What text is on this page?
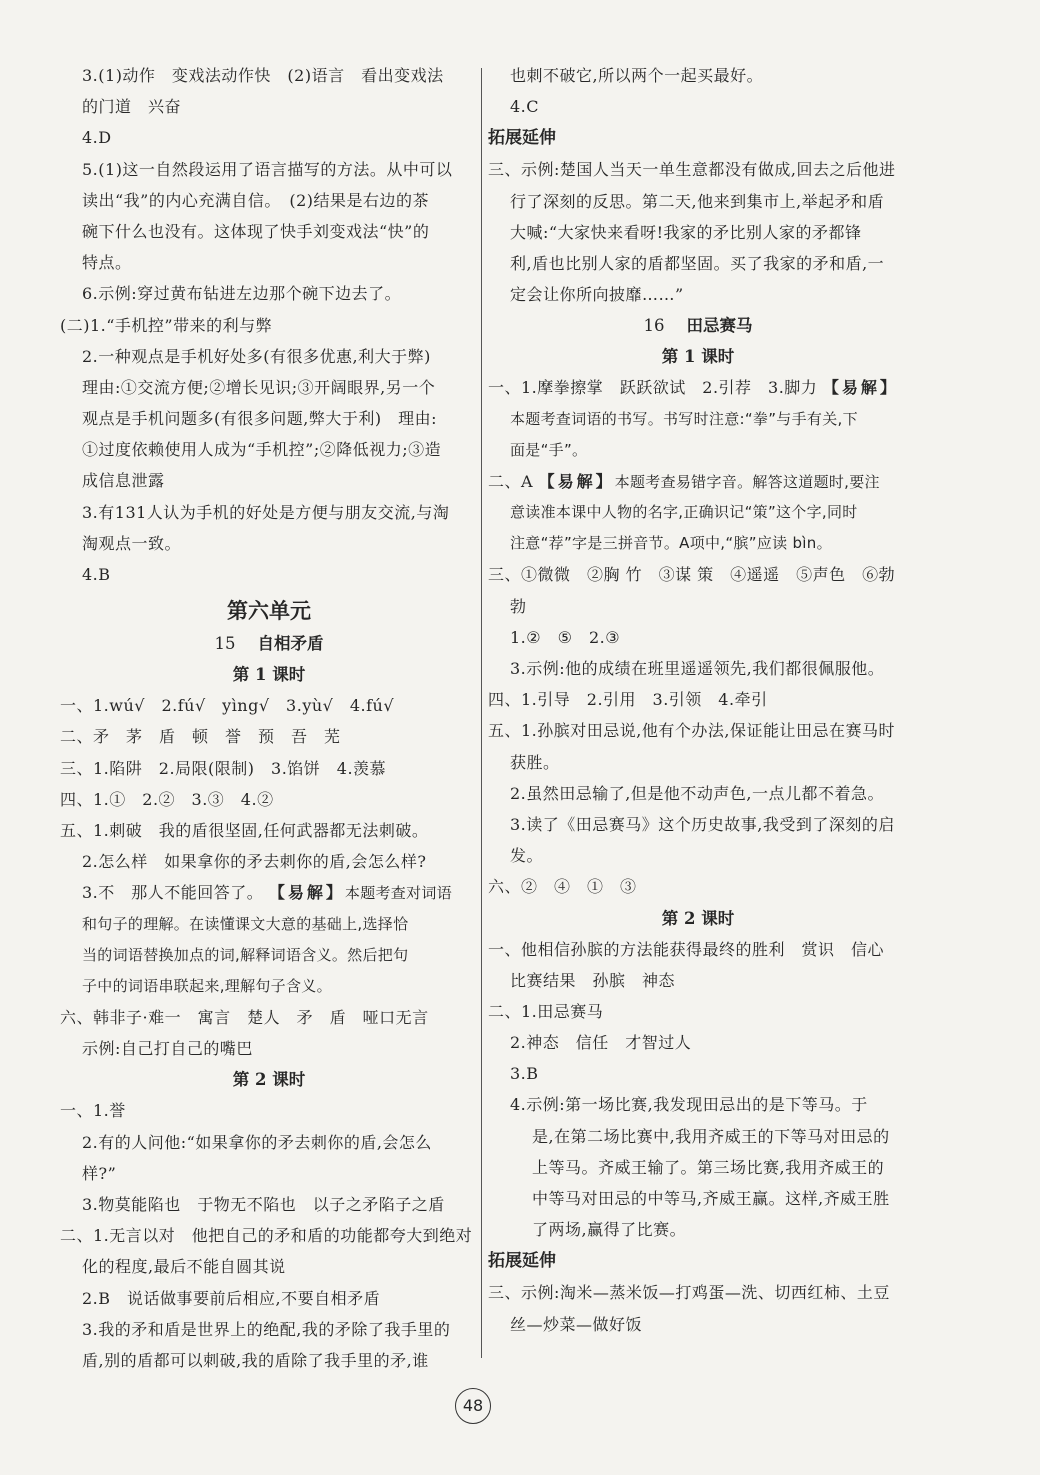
3.(1)动作　变戏法动作快　(2)语言　看出变戏法
的门道　兴奋
4.D
5.(1)这一自然段运用了语言描写的方法。从中可以
读出“我”的内心充满自信。　(2)结果是右边的茶
碗下什么也没有。这体现了快手刘变戏法“快”的
特点。
6.示例:穿过黄布钻进左边那个碗下边去了。
(二)1.“手机控”带来的利与弊
2.一种观点是手机好处多(有很多优惠,利大于弊)
理由:①交流方便;②增长见识;③开阔眼界,另一个
观点是手机问题多(有很多问题,弊大于利)　理由:
①过度依赖使用人成为“手机控”;②降低视力;③造
成信息泄露
3.有131人认为手机的好处是方便与朋友交流,与淘
淘观点一致。
4.B
第六单元
15 自相矛盾
第 1 课时
一、1.wú√　2.fú√　yìng√　3.yù√　4.fú√
二、矛　茅　盾　顿　誉　预　吾　芜
三、1.陷阱　2.局限(限制)　3.馅饼　4.羡慕
四、1.①　2.②　3.③　4.②
五、1.刺破　我的盾很坚固,任何武器都无法刺破。
2.怎么样　如果拿你的矛去刺你的盾,会怎么样?
3.不　那人不能回答了。 【易解】本题考查对词语
和句子的理解。在读懂课文大意的基础上,选择恰
当的词语替换加点的词,解释词语含义。然后把句
子中的词语串联起来,理解句子含义。
六、韩非子·难一　寓言　楚人　矛　盾　哑口无言
示例:自己打自己的嘴巴
第 2 课时
一、1.誉
2.有的人问他:“如果拿你的矛去刺你的盾,会怎么
样?”
3.物莫能陷也　于物无不陷也　以子之矛陷子之盾
二、1.无言以对　他把自己的矛和盾的功能都夸大到绝对
化的程度,最后不能自圆其说
2.B　说话做事要前后相应,不要自相矛盾
3.我的矛和盾是世界上的绝配,我的矛除了我手里的
盾,别的盾都可以刺破,我的盾除了我手里的矛,谁
也刺不破它,所以两个一起买最好。
4.C
拓展延伸
三、示例:楚国人当天一单生意都没有做成,回去之后他进
行了深刻的反思。第二天,他来到集市上,举起矛和盾
大喊:“大家快来看呀!我家的矛比别人家的矛都锋
利,盾也比别人家的盾都坚固。买了我家的矛和盾,一
定会让你所向披靡……”
16 田忌赛马
第 1 课时
一、1.摩拳擦掌　跃跃欲试　2.引荐　3.脚力 【易解】
本题考查词语的书写。书写时注意:“拳”与手有关,下
面是“手”。
二、A 【易解】本题考查易错字音。解答这道题时,要注
意读准本课中人物的名字,正确识记“策”这个字,同时
注意“荐”字是三拼音节。A项中,“膑”应读 bìn。
三、①微微　②胸 竹　③谋 策　④遥遥　⑤声色　⑥勃
勃
1.②　⑤　2.③
3.示例:他的成绩在班里遥遥领先,我们都很佩服他。
四、1.引导　2.引用　3.引领　4.牵引
五、1.孙膑对田忌说,他有个办法,保证能让田忌在赛马时
获胜。
2.虽然田忌输了,但是他不动声色,一点儿都不着急。
3.读了《田忌赛马》这个历史故事,我受到了深刻的启
发。
六、②　④　①　③
第 2 课时
一、他相信孙膑的方法能获得最终的胜利　赏识　信心
比赛结果　孙膑　神态
二、1.田忌赛马
2.神态　信任　才智过人
3.B
4.示例:第一场比赛,我发现田忌出的是下等马。于
是,在第二场比赛中,我用齐威王的下等马对田忌的
上等马。齐威王输了。第三场比赛,我用齐威王的
中等马对田忌的中等马,齐威王赢。这样,齐威王胜
了两场,赢得了比赛。
拓展延伸
三、示例:淘米—蒸米饭—打鸡蛋—洗、切西红柿、土豆
丝—炒菜—做好饭
48
